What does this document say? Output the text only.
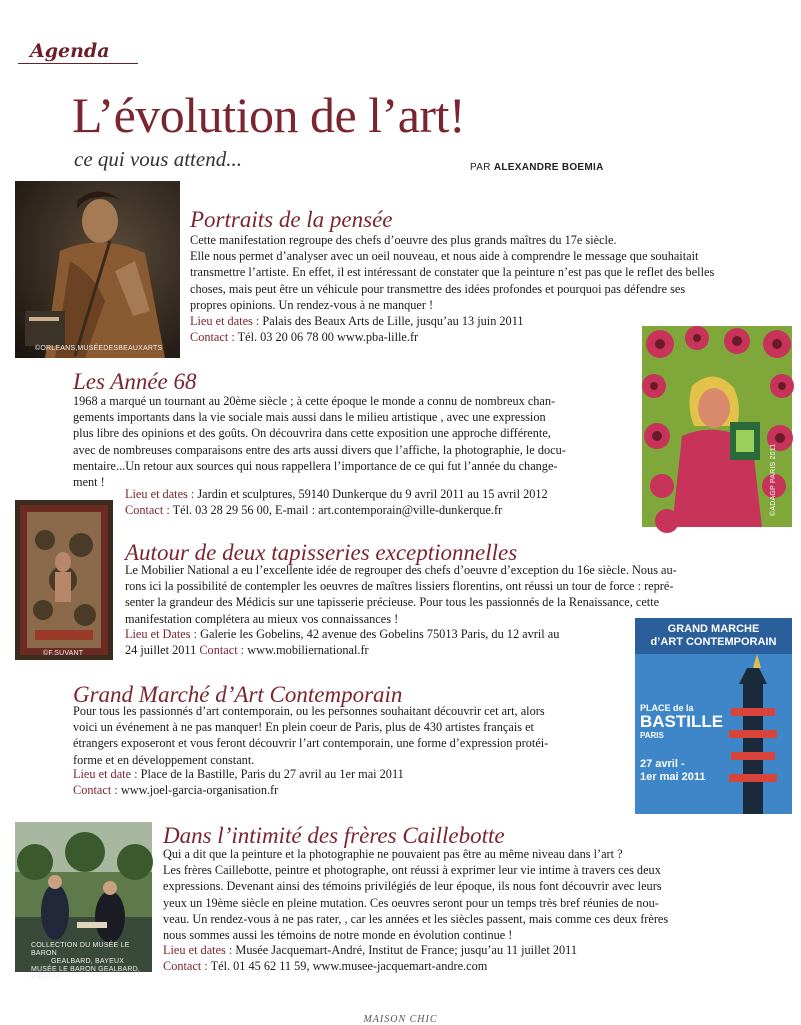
Agenda
L’évolution de l’art!
ce qui vous attend...	PAR ALEXANDRE BOEMIA
©ORLEANS,MUSÉEDESBEAUXARTS
Portraits de la pensée

Cette manifestation regroupe des chefs d’oeuvre des plus grands maîtres du 17e siècle.

Elle nous permet d’analyser avec un oeil nouveau, et nous aide à comprendre le message que souhaitait

transmettre l’artiste. En effet, il est intéressant de constater que la peinture n’est pas que le reflet des belles

choses, mais peut être un véhicule pour transmettre des idées profondes et pourquoi pas défendre ses

propres opinions. Un rendez-vous à ne manquer !

Lieu et dates : Palais des Beaux Arts de Lille, jusqu’au 13 juin 2011
Contact : Tél. 03 20 06 78 00 www.pba-lille.fr
©ADAGP PARIS 2011
Les Année 68

1968 a marqué un tournant au 20ème siècle ; à cette époque le monde a connu de nombreux chan-

gements importants dans la vie sociale mais aussi dans le milieu artistique , avec une expression

plus libre des opinions et des goûts. On découvrira dans cette exposition une approche différente,

avec de nombreuses comparaisons entre des arts aussi divers que l’affiche, la photographie, le docu-

mentaire...Un retour aux sources qui nous rappellera l’importance de ce qui fut l’année du change-

ment !

Lieu et dates : Jardin et sculptures, 59140 Dunkerque du 9 avril 2011 au 15 avril 2012
Contact : Tél. 03 28 29 56 00, E-mail : art.contemporain@ville-dunkerque.fr
©F.SUVANT
Autour de deux tapisseries exceptionnelles

Le Mobilier National a eu l’excellente idée de regrouper des chefs d’oeuvre d’exception du 16e siècle. Nous au-

rons ici la possibilité de contempler les oeuvres de maîtres lissiers florentins, ont réussi un tour de force : repré-

senter la grandeur des Médicis sur une tapisserie précieuse. Pour tous les passionnés de la Renaissance, cette

manifestation complétera au mieux vos connaissances !

Lieu et Dates : Galerie les Gobelins, 42 avenue des Gobelins 75013 Paris, du 12 avril au
24 juillet 2011 Contact : www.mobiliernational.fr
GRAND MARCHE
d’ART CONTEMPORAIN
PLACE de la
BASTILLE
PARIS
27 avril -
1er mai 2011
Grand Marché d’Art Contemporain

Pour tous les passionnés d’art contemporain, ou les personnes souhaitant découvrir cet art, alors

voici un événement à ne pas manquer! En plein coeur de Paris, plus de 430 artistes français et

étrangers exposeront et vous feront découvrir l’art contemporain, une forme d’expression protéi-

forme et en développement constant.

Lieu et date : Place de la Bastille, Paris du 27 avril au 1er mai 2011
Contact : www.joel-garcia-organisation.fr
COLLECTION DU MUSÉE LE BARON
GEALBARD, BAYEUX
MUSÉE LE BARON GEALBARD, BAYEUX
Dans l’intimité des frères Caillebotte

Qui a dit que la peinture et la photographie ne pouvaient pas être au même niveau dans l’art ?

Les frères Caillebotte, peintre et photographe, ont réussi à exprimer leur vie intime à travers ces deux

expressions. Devenant ainsi des témoins privilégiés de leur époque, ils nous font découvrir avec leurs

yeux un 19ème siècle en pleine mutation. Ces oeuvres seront pour un temps très bref réunies de nou-

veau. Un rendez-vous à ne pas rater, , car les années et les siècles passent, mais comme ces deux frères

nous sommes aussi les témoins de notre monde en évolution continue !

Lieu et dates : Musée Jacquemart-André, Institut de France; jusqu’au 11 juillet 2011
Contact : Tél. 01 45 62 11 59, www.musee-jacquemart-andre.com
MAISON CHIC
